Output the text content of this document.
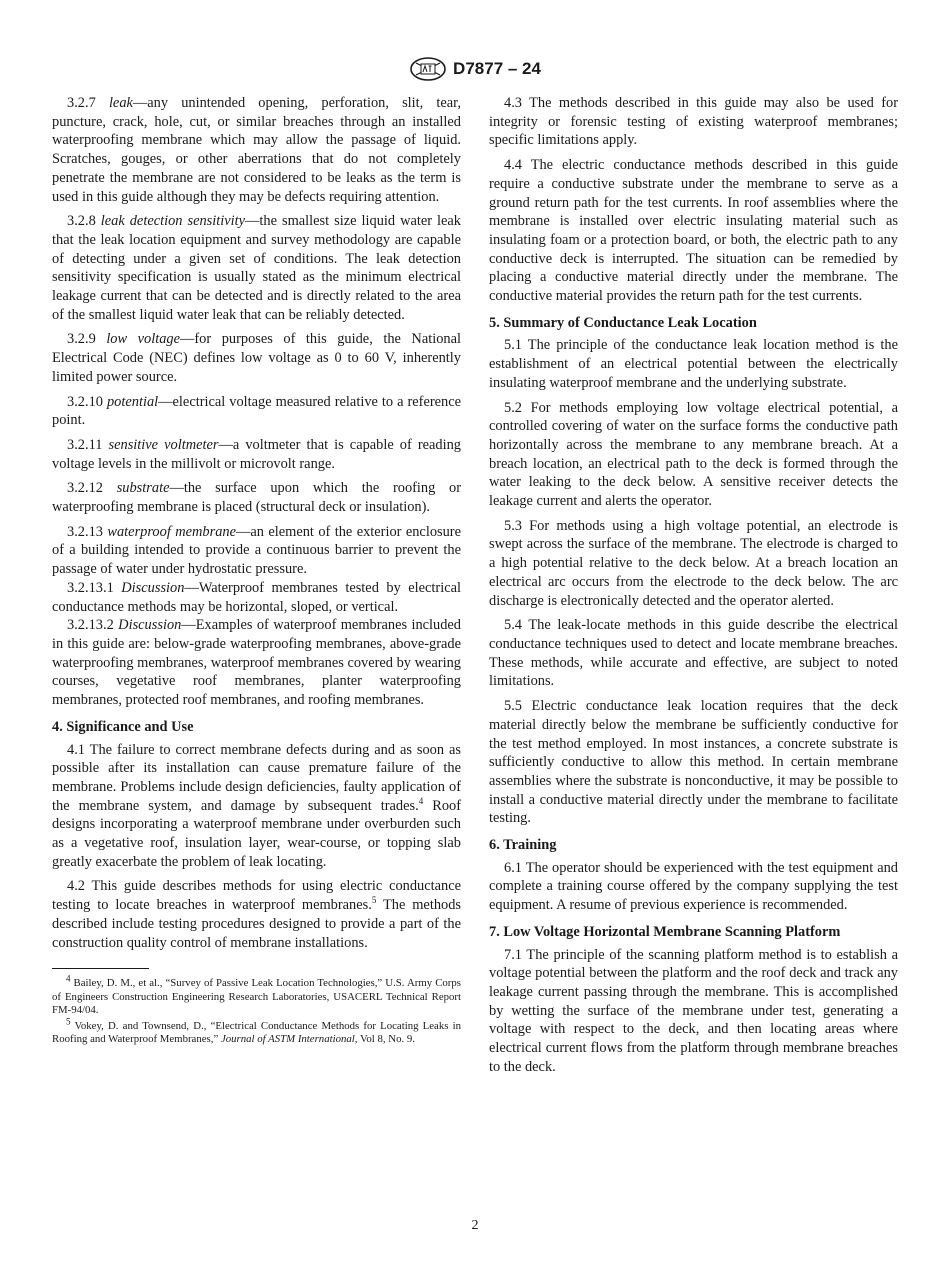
D7877 – 24

3.2.7 leak—any unintended opening, perforation, slit, tear, puncture, crack, hole, cut, or similar breaches through an installed waterproofing membrane which may allow the passage of liquid. Scratches, gouges, or other aberrations that do not completely penetrate the membrane are not considered to be leaks as the term is used in this guide although they may be defects requiring attention.

3.2.8 leak detection sensitivity—the smallest size liquid water leak that the leak location equipment and survey methodology are capable of detecting under a given set of conditions. The leak detection sensitivity specification is usually stated as the minimum electrical leakage current that can be detected and is directly related to the area of the smallest liquid water leak that can be reliably detected.

3.2.9 low voltage—for purposes of this guide, the National Electrical Code (NEC) defines low voltage as 0 to 60 V, inherently limited power source.

3.2.10 potential—electrical voltage measured relative to a reference point.

3.2.11 sensitive voltmeter—a voltmeter that is capable of reading voltage levels in the millivolt or microvolt range.

3.2.12 substrate—the surface upon which the roofing or waterproofing membrane is placed (structural deck or insulation).

3.2.13 waterproof membrane—an element of the exterior enclosure of a building intended to provide a continuous barrier to prevent the passage of water under hydrostatic pressure.

3.2.13.1 Discussion—Waterproof membranes tested by electrical conductance methods may be horizontal, sloped, or vertical.

3.2.13.2 Discussion—Examples of waterproof membranes included in this guide are: below-grade waterproofing membranes, above-grade waterproofing membranes, waterproof membranes covered by wearing courses, vegetative roof membranes, planter waterproofing membranes, protected roof membranes, and roofing membranes.

4. Significance and Use

4.1 The failure to correct membrane defects during and as soon as possible after its installation can cause premature failure of the membrane. Problems include design deficiencies, faulty application of the membrane system, and damage by subsequent trades.$^4$ Roof designs incorporating a waterproof membrane under overburden such as a vegetative roof, insulation layer, wear-course, or topping slab greatly exacerbate the problem of leak locating.

4.2 This guide describes methods for using electric conductance testing to locate breaches in waterproof membranes.$^5$ The methods described include testing procedures designed to provide a part of the construction quality control of membrane installations.

$^4$ Bailey, D. M., et al., “Survey of Passive Leak Location Technologies,” U.S. Army Corps of Engineers Construction Engineering Research Laboratories, USACERL Technical Report FM-94/04.

$^5$ Vokey, D. and Townsend, D., “Electrical Conductance Methods for Locating Leaks in Roofing and Waterproof Membranes,” Journal of ASTM International, Vol 8, No. 9.

4.3 The methods described in this guide may also be used for integrity or forensic testing of existing waterproof membranes; specific limitations apply.

4.4 The electric conductance methods described in this guide require a conductive substrate under the membrane to serve as a ground return path for the test currents. In roof assemblies where the membrane is installed over electric insulating material such as insulating foam or a protection board, or both, the electric path to any conductive deck is interrupted. The situation can be remedied by placing a conductive material directly under the membrane. The conductive material provides the return path for the test currents.

5. Summary of Conductance Leak Location

5.1 The principle of the conductance leak location method is the establishment of an electrical potential between the electrically insulating waterproof membrane and the underlying substrate.

5.2 For methods employing low voltage electrical potential, a controlled covering of water on the surface forms the conductive path horizontally across the membrane to any membrane breach. At a breach location, an electrical path to the deck is formed through the water leaking to the deck below. A sensitive receiver detects the leakage current and alerts the operator.

5.3 For methods using a high voltage potential, an electrode is swept across the surface of the membrane. The electrode is charged to a high potential relative to the deck below. At a breach location an electrical arc occurs from the electrode to the deck below. The arc discharge is electronically detected and the operator alerted.

5.4 The leak-locate methods in this guide describe the electrical conductance techniques used to detect and locate membrane breaches. These methods, while accurate and effective, are subject to noted limitations.

5.5 Electric conductance leak location requires that the deck material directly below the membrane be sufficiently conductive for the test method employed. In most instances, a concrete substrate is sufficiently conductive to allow this method. In certain membrane assemblies where the substrate is nonconductive, it may be possible to install a conductive material directly under the membrane to facilitate testing.

6. Training

6.1 The operator should be experienced with the test equipment and complete a training course offered by the company supplying the test equipment. A resume of previous experience is recommended.

7. Low Voltage Horizontal Membrane Scanning Platform

7.1 The principle of the scanning platform method is to establish a voltage potential between the platform and the roof deck and track any leakage current passing through the membrane. This is accomplished by wetting the surface of the membrane under test, generating a voltage with respect to the deck, and then locating areas where electrical current flows from the platform through membrane breaches to the deck.

2
